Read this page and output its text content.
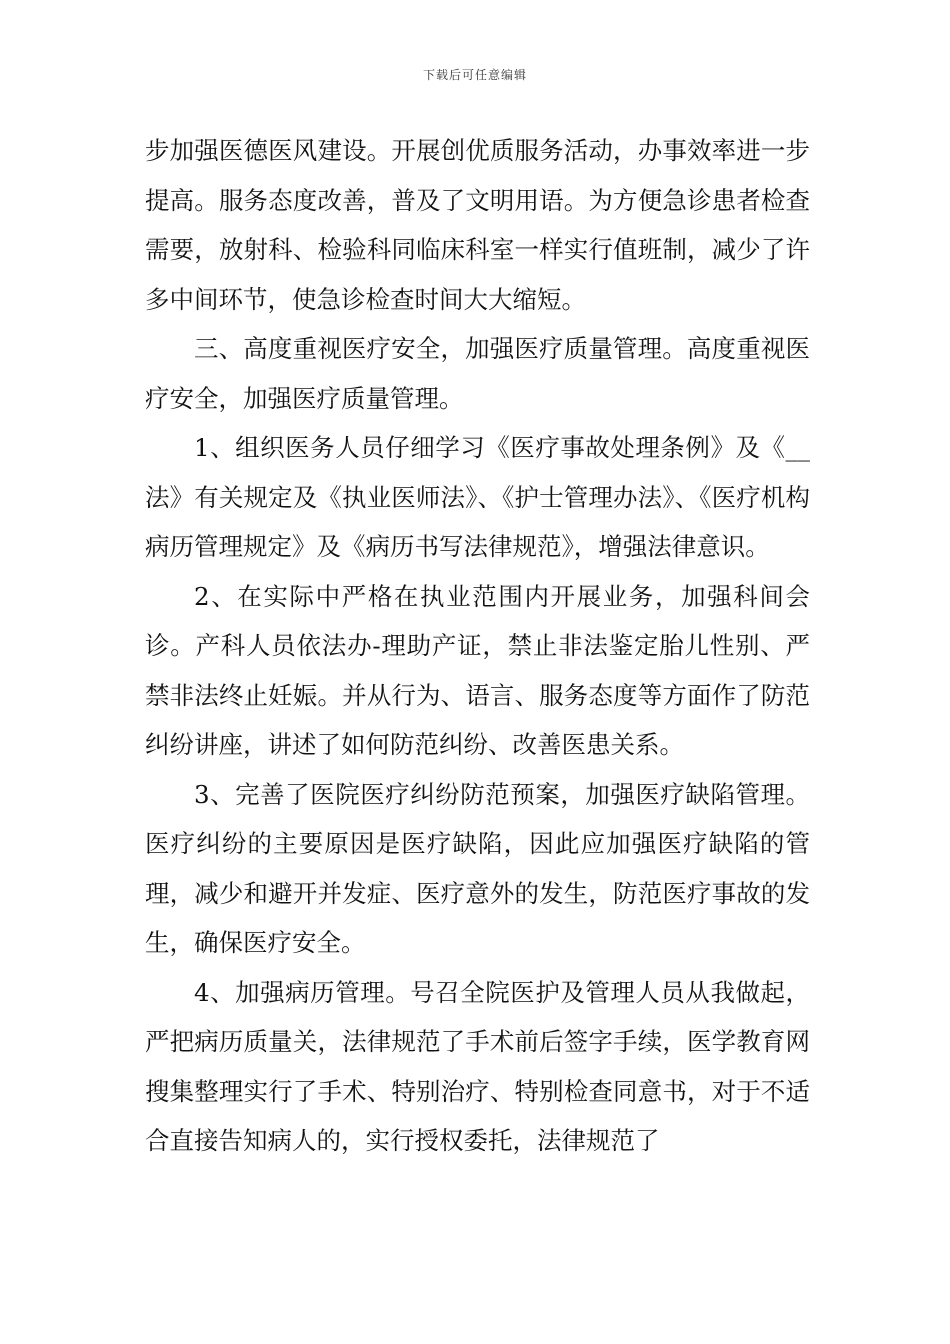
下载后可任意编辑

步加强医德医风建设。开展创优质服务活动，办事效率进一步提高。服务态度改善，普及了文明用语。为方便急诊患者检查需要，放射科、检验科同临床科室一样实行值班制，减少了许多中间环节，使急诊检查时间大大缩短。

三、高度重视医疗安全，加强医疗质量管理。高度重视医疗安全，加强医疗质量管理。

1、组织医务人员仔细学习《医疗事故处理条例》及《__法》有关规定及《执业医师法》、《护士管理办法》、《医疗机构病历管理规定》及《病历书写法律规范》，增强法律意识。

2、在实际中严格在执业范围内开展业务，加强科间会诊。产科人员依法办-理助产证，禁止非法鉴定胎儿性别、严禁非法终止妊娠。并从行为、语言、服务态度等方面作了防范纠纷讲座，讲述了如何防范纠纷、改善医患关系。

3、完善了医院医疗纠纷防范预案，加强医疗缺陷管理。医疗纠纷的主要原因是医疗缺陷，因此应加强医疗缺陷的管理，减少和避开并发症、医疗意外的发生，防范医疗事故的发生，确保医疗安全。

4、加强病历管理。号召全院医护及管理人员从我做起，严把病历质量关，法律规范了手术前后签字手续，医学教育网搜集整理实行了手术、特别治疗、特别检查同意书，对于不适合直接告知病人的，实行授权委托，法律规范了
